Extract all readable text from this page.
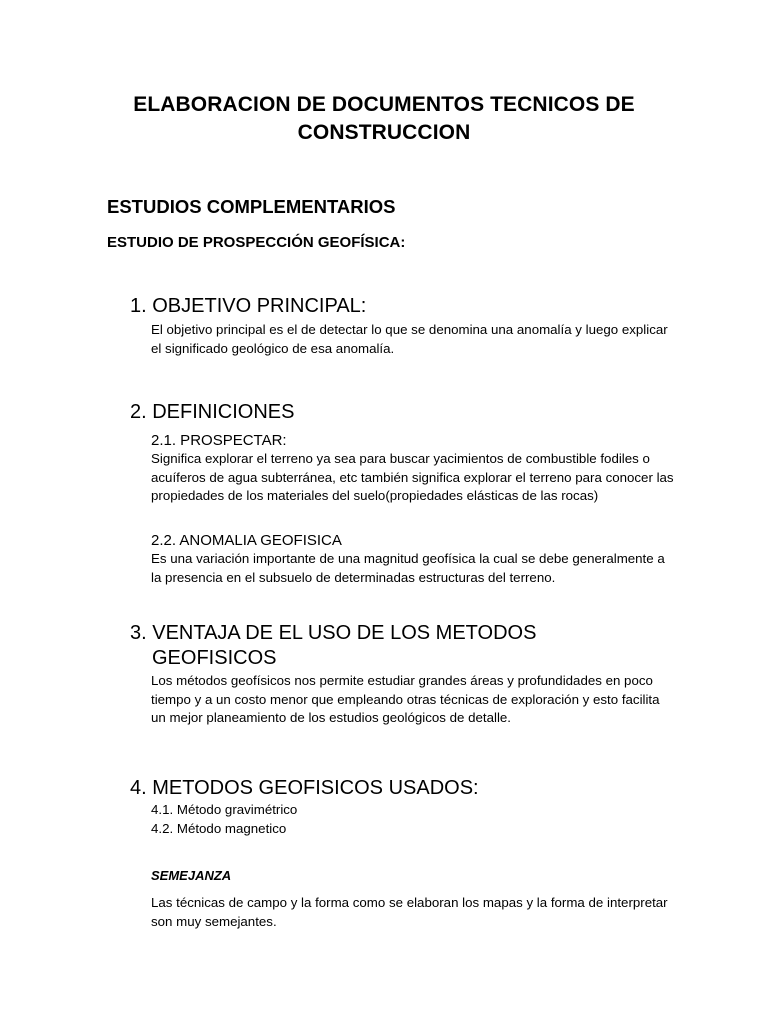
ELABORACION DE DOCUMENTOS TECNICOS DE
CONSTRUCCION
ESTUDIOS COMPLEMENTARIOS
ESTUDIO DE PROSPECCIÓN GEOFÍSICA:
1. OBJETIVO PRINCIPAL:
El objetivo principal es el de detectar lo que se denomina una anomalía y luego explicar el significado geológico de esa anomalía.
2. DEFINICIONES
2.1. PROSPECTAR:
Significa explorar el terreno ya sea para buscar yacimientos de combustible fodiles o acuíferos de agua subterránea, etc también significa explorar el terreno para conocer las propiedades de los materiales del suelo(propiedades elásticas de las rocas)
2.2. ANOMALIA GEOFISICA
Es una variación importante de una magnitud geofísica la cual se debe generalmente a la presencia en el subsuelo de determinadas estructuras del terreno.
3. VENTAJA DE EL USO DE LOS METODOS
GEOFISICOS
Los métodos geofísicos nos permite estudiar grandes áreas y profundidades en poco tiempo y a un costo menor que empleando otras técnicas de exploración y esto facilita un mejor planeamiento de los estudios geológicos de detalle.
4. METODOS GEOFISICOS USADOS:
4.1. Método gravimétrico
4.2. Método magnetico
SEMEJANZA
Las técnicas de campo y la forma como se elaboran los mapas y la forma de interpretar son muy semejantes.
